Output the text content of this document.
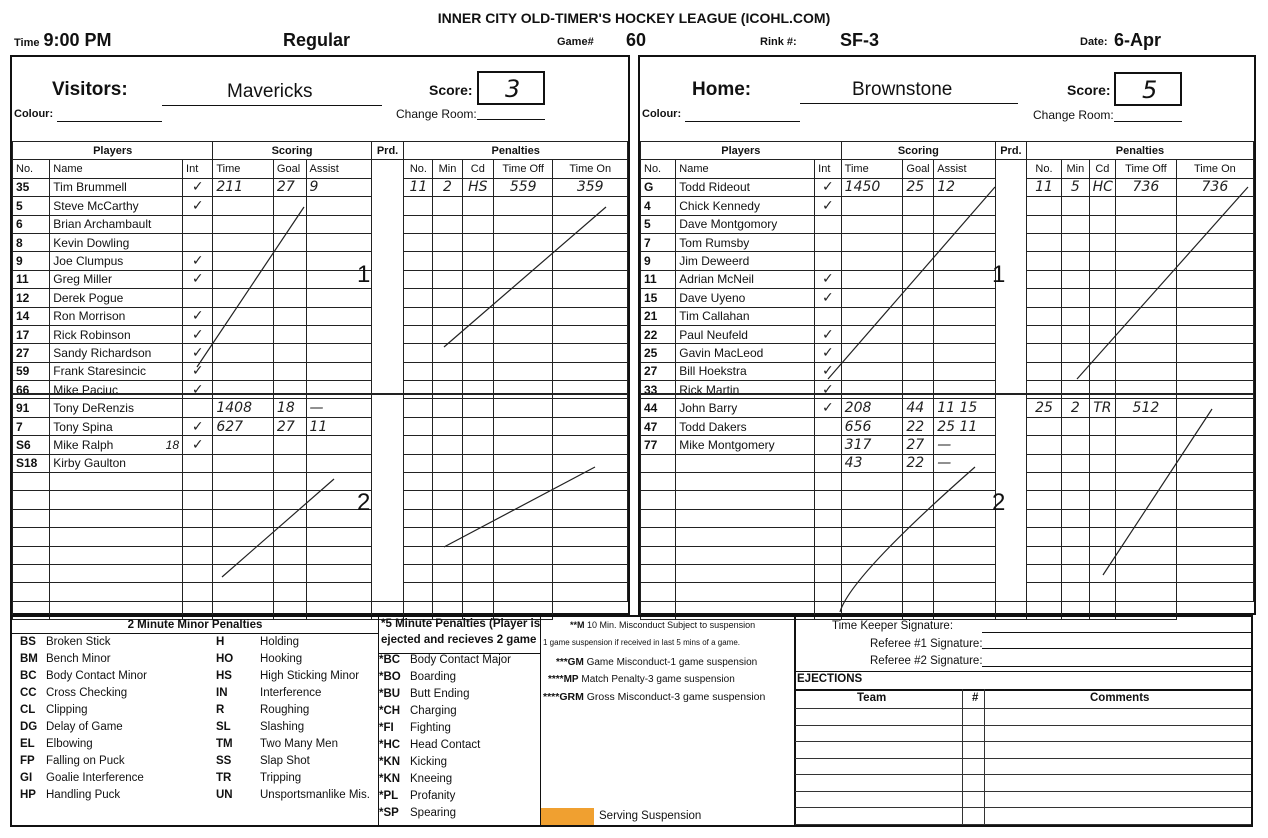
INNER CITY OLD-TIMER'S HOCKEY LEAGUE (ICOHL.COM)
Time 9:00 PM	Regular	Game# 60	Rink #: SF-3	Date: 6-Apr
Visitors:	Mavericks	Score: 3
Change Room:
Colour:
Players			Scoring			Prd.	Penalties				
No.	Name	Int	Time	Goal	Assist		No.	Min	Cd	Time Off	Time On
35	Tim Brummell	✓	211	27	9		11	2	HS	559	359
5	Steve McCarthy	✓									
6	Brian Archambault										
8	Kevin Dowling										
9	Joe Clumpus	✓									
11	Greg Miller	✓									
12	Derek Pogue										
14	Ron Morrison	✓									
17	Rick Robinson	✓									
27	Sandy Richardson	✓									
59	Frank Staresincic	✓									
66	Mike Paciuc	✓									
91	Tony DeRenzis		1408	18	—						
7	Tony Spina	✓	627	27	11						
S6	Mike Ralph 18	✓									
S18	Kirby Gaulton										

1
2
Home:	Brownstone	Score: 5
Change Room:
Colour:
Players			Scoring			Prd.	Penalties				
No.	Name	Int	Time	Goal	Assist		No.	Min	Cd	Time Off	Time On
G	Todd Rideout	✓	1450	25	12		11	5	HC	736	736
4	Chick Kennedy	✓									
5	Dave Montgomory										
7	Tom Rumsby										
9	Jim Deweerd										
11	Adrian McNeil	✓									
15	Dave Uyeno	✓									
21	Tim Callahan										
22	Paul Neufeld	✓									
25	Gavin MacLeod	✓									
27	Bill Hoekstra	✓									
33	Rick Martin	✓									
44	John Barry	✓	208	44	11 15		25	2	TR	512	
47	Todd Dakers		656	22	25 11						
77	Mike Montgomery		317	27	—						
			43	22	—						

1
2
2 Minute Minor Penalties
BS Broken Stick
BM Bench Minor
BC Body Contact Minor
CC Cross Checking
CL Clipping
DG Delay of Game
EL Elbowing
FP Falling on Puck
GI Goalie Interference
HP Handling Puck
H	Holding
HO Hooking
HS High Sticking Minor
IN	Interference
R	Roughing
SL	Slashing
TM Two Many Men
SS Slap Shot
TR Tripping
UN Unsportsmanlike Mis.
*5 Minute Penalties (Player is
ejected and recieves 2 game
*BC Body Contact Major
*BO Boarding
*BU Butt Ending
*CH Charging
*FI Fighting
*HC Head Contact
*KN Kicking
*KN Kneeing
*PL Profanity
*SP Spearing
**M 10 Min. Misconduct Subject to suspension
1 game suspension if received in last 5 mins of a game.
***GM Game Misconduct-1 game suspension
****MP Match Penalty-3 game suspension
****GRM Gross Misconduct-3 game suspension
Serving Suspension
Time Keeper Signature:
Referee #1 Signature:
Referee #2 Signature:
EJECTIONS
Team	#	Comments
